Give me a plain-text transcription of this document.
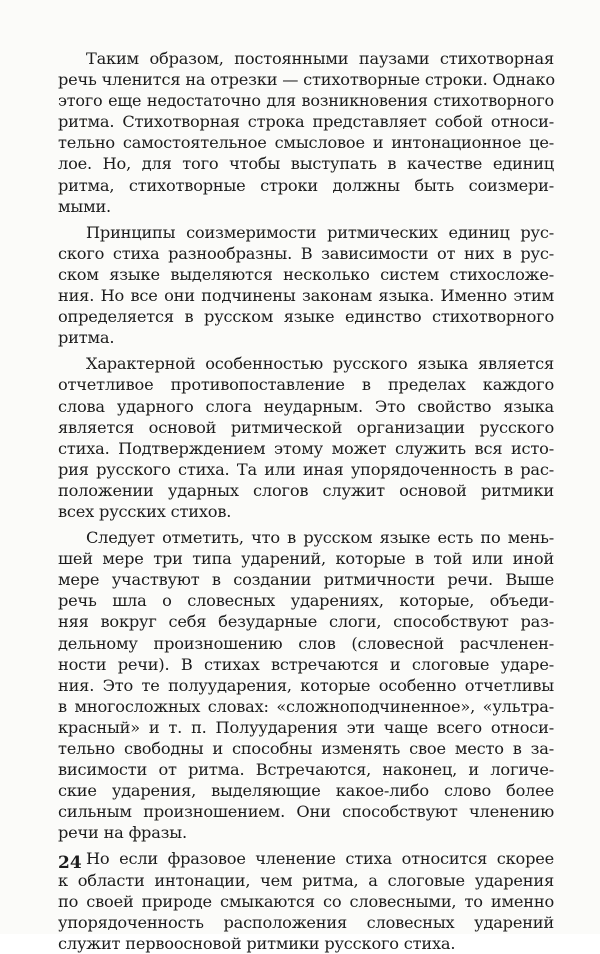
Таким образом, постоянными паузами стихотворная
речь членится на отрезки — стихотворные строки. Однако
этого еще недостаточно для возникновения стихотворного
ритма. Стихотворная строка представляет собой относи-
тельно самостоятельное смысловое и интонационное це-
лое. Но, для того чтобы выступать в качестве единиц
ритма, стихотворные строки должны быть соизмери-
мыми.

Принципы соизмеримости ритмических единиц рус-
ского стиха разнообразны. В зависимости от них в рус-
ском языке выделяются несколько систем стихосложе-
ния. Но все они подчинены законам языка. Именно этим
определяется в русском языке единство стихотворного
ритма.

Характерной особенностью русского языка является
отчетливое противопоставление в пределах каждого
слова ударного слога неударным. Это свойство языка
является основой ритмической организации русского
стиха. Подтверждением этому может служить вся исто-
рия русского стиха. Та или иная упорядоченность в рас-
положении ударных слогов служит основой ритмики
всех русских стихов.

Следует отметить, что в русском языке есть по мень-
шей мере три типа ударений, которые в той или иной
мере участвуют в создании ритмичности речи. Выше
речь шла о словесных ударениях, которые, объеди-
няя вокруг себя безударные слоги, способствуют раз-
дельному произношению слов (словесной расчленен-
ности речи). В стихах встречаются и слоговые ударе-
ния. Это те полуударения, которые особенно отчетливы
в многосложных словах: «сложноподчиненное», «ультра-
красный» и т. п. Полуударения эти чаще всего относи-
тельно свободны и способны изменять свое место в за-
висимости от ритма. Встречаются, наконец, и логиче-
ские ударения, выделяющие какое-либо слово более
сильным произношением. Они способствуют членению
речи на фразы.

Но если фразовое членение стиха относится скорее
к области интонации, чем ритма, а слоговые ударения
по своей природе смыкаются со словесными, то именно
упорядоченность расположения словесных ударений
служит первоосновой ритмики русского стиха.

24
